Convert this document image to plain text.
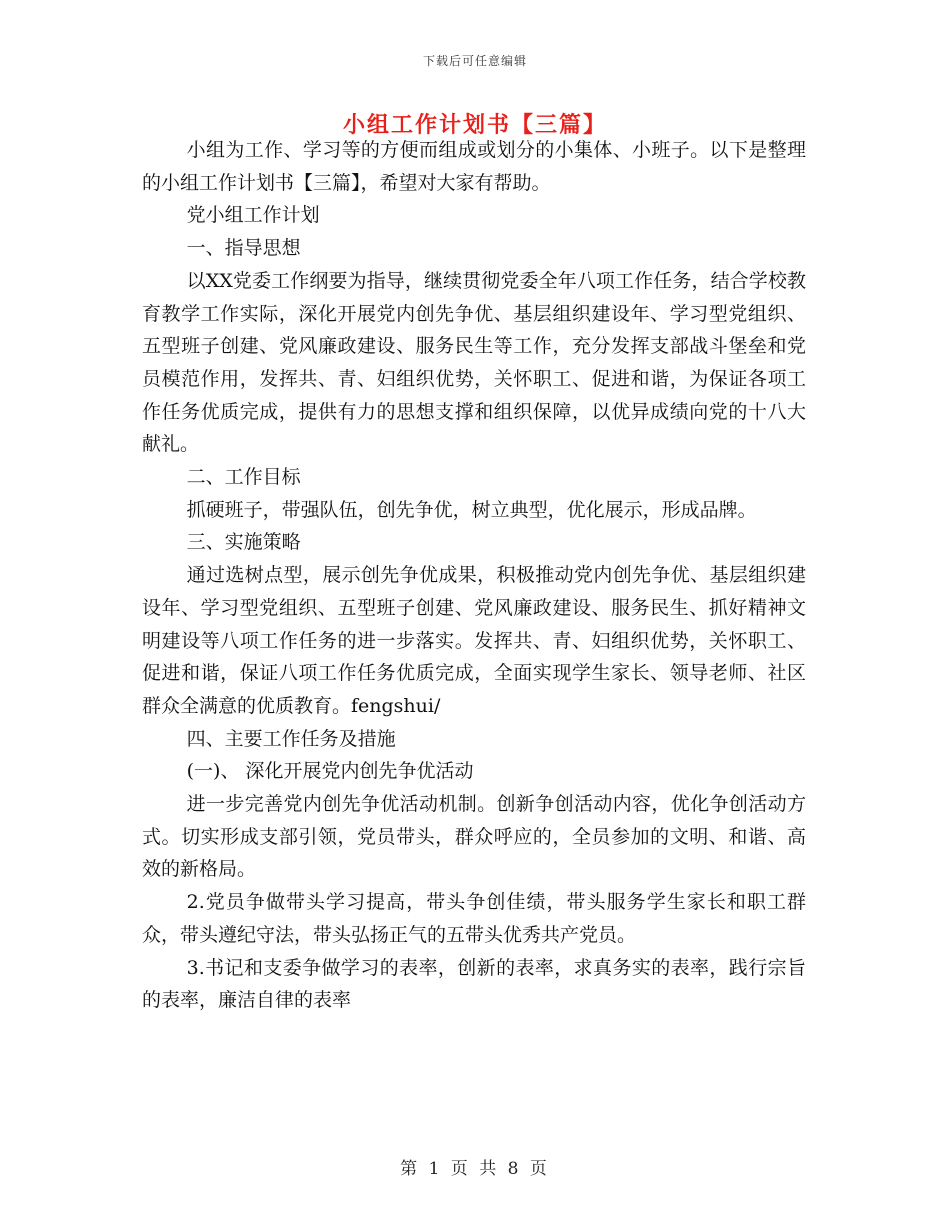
下载后可任意编辑
小组工作计划书【三篇】

小组为工作、学习等的方便而组成或划分的小集体、小班子。以下是整理的小组工作计划书【三篇】，希望对大家有帮助。

党小组工作计划

一、指导思想

以XX党委工作纲要为指导，继续贯彻党委全年八项工作任务，结合学校教育教学工作实际，深化开展党内创先争优、基层组织建设年、学习型党组织、五型班子创建、党风廉政建设、服务民生等工作，充分发挥支部战斗堡垒和党员模范作用，发挥共、青、妇组织优势，关怀职工、促进和谐，为保证各项工作任务优质完成，提供有力的思想支撑和组织保障，以优异成绩向党的十八大献礼。

二、工作目标

抓硬班子，带强队伍，创先争优，树立典型，优化展示，形成品牌。

三、实施策略

通过选树点型，展示创先争优成果，积极推动党内创先争优、基层组织建设年、学习型党组织、五型班子创建、党风廉政建设、服务民生、抓好精神文明建设等八项工作任务的进一步落实。发挥共、青、妇组织优势，关怀职工、促进和谐，保证八项工作任务优质完成，全面实现学生家长、领导老师、社区群众全满意的优质教育。fengshui/

四、主要工作任务及措施

(一)、 深化开展党内创先争优活动

进一步完善党内创先争优活动机制。创新争创活动内容，优化争创活动方式。切实形成支部引领，党员带头，群众呼应的，全员参加的文明、和谐、高效的新格局。

2.党员争做带头学习提高，带头争创佳绩，带头服务学生家长和职工群众，带头遵纪守法，带头弘扬正气的五带头优秀共产党员。

3.书记和支委争做学习的表率，创新的表率，求真务实的表率，践行宗旨的表率，廉洁自律的表率

第 1 页 共 8 页
